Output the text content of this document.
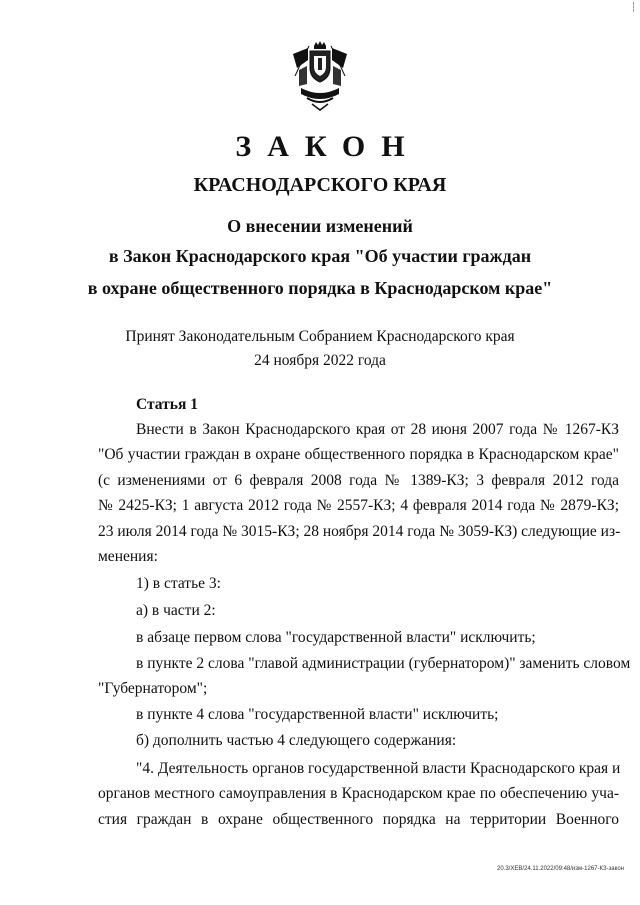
ЗАКОН
КРАСНОДАРСКОГО КРАЯ
О внесении изменений
в Закон Краснодарского края "Об участии граждан
в охране общественного порядка в Краснодарском крае"
Принят Законодательным Собранием Краснодарского края
24 ноября 2022 года
Статья 1
Внести в Закон Краснодарского края от 28 июня 2007 года № 1267-КЗ
"Об участии граждан в охране общественного порядка в Краснодарском крае"
(с изменениями от 6 февраля 2008 года № 1389-КЗ; 3 февраля 2012 года
№ 2425-КЗ; 1 августа 2012 года № 2557-КЗ; 4 февраля 2014 года № 2879-КЗ;
23 июля 2014 года № 3015-КЗ; 28 ноября 2014 года № 3059-КЗ) следующие из-
менения:
1) в статье 3:
а) в части 2:
в абзаце первом слова "государственной власти" исключить;
в пункте 2 слова "главой администрации (губернатором)" заменить словом
"Губернатором";
в пункте 4 слова "государственной власти" исключить;
б) дополнить частью 4 следующего содержания:
"4. Деятельность органов государственной власти Краснодарского края и
органов местного самоуправления в Краснодарском крае по обеспечению уча-
стия граждан в охране общественного порядка на территории Военного
20.3/XEB/24.11.2022/09:48/изм-1267-КЗ-закон
